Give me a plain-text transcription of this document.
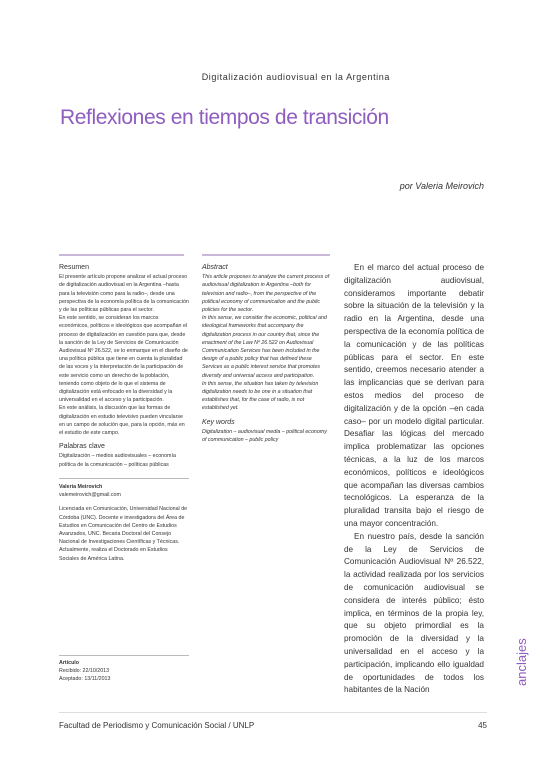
Digitalización audiovisual en la Argentina
Reflexiones en tiempos de transición
por Valeria Meirovich
Resumen

El presente artículo propone analizar el actual proceso de digitalización audiovisual en la Argentina –hasta para la televisión como para la radio–, desde una perspectiva de la economía política de la comunicación y de las políticas públicas para el sector.

En este sentido, se consideran los marcos económicos, políticos e ideológicos que acompañan el proceso de digitalización en cuestión para que, desde la sanción de la Ley de Servicios de Comunicación Audiovisual Nº 26.522, se lo enmarque en el diseño de una política pública que tiene en cuenta la pluralidad de las voces y la interpretación de la participación de este servicio como un derecho de la población, teniendo como objeto de lo que el sistema de digitalización está enfocado en la diversidad y la universalidad en el acceso y la participación.

En este análisis, la discusión que las formas de digitalización en estudio televisivo pueden vincularse en un campo de solución que, para la opción, más en el estudio de este campo.

Palabras clave

Digitalización – medios audiovisuales – economía política de la comunicación – políticas públicas

Abstract

This article proposes to analyze the current process of audiovisual digitalization in Argentina –both for television and radio–, from the perspective of the political economy of communication and the public policies for the sector.

In this sense, we consider the economic, political and ideological frameworks that accompany the digitalization process in our country that, since the enactment of the Law Nº 26.522 on Audiovisual Communication Services has been included in the design of a public policy that has defined these Services as a public interest service that promotes diversity and universal access and participation.

In this sense, the situation has taken by television digitalization needs to be one in a situation that establishes that, for the case of radio, is not established yet.

Key words

Digitalization – audiovisual media – political economy of communication – public policy

Valeria Meirovich

valemeirovich@gmail.com

Licenciada en Comunicación, Universidad Nacional de Córdoba (UNC). Docente e investigadora del Área de Estudios en Comunicación del Centro de Estudios Avanzados, UNC. Becaria Doctoral del Consejo Nacional de Investigaciones Científicas y Técnicas. Actualmente, realiza el Doctorado en Estudios Sociales de América Latina.

Artículo

Recibido: 22/10/2013

Aceptado: 13/11/2013

En el marco del actual proceso de digitalización audiovisual, consideramos importante debatir sobre la situación de la televisión y la radio en la Argentina, desde una perspectiva de la economía política de la comunicación y de las políticas públicas para el sector. En este sentido, creemos necesario atender a las implicancias que se derivan para estos medios del proceso de digitalización y de la opción –en cada caso– por un modelo digital particular. Desafiar las lógicas del mercado implica problematizar las opciones técnicas, a la luz de los marcos económicos, políticos e ideológicos que acompañan las diversas cambios tecnológicos. La esperanza de la pluralidad transita bajo el riesgo de una mayor concentración.

En nuestro país, desde la sanción de la Ley de Servicios de Comunicación Audiovisual Nº 26.522, la actividad realizada por los servicios de comunicación audiovisual se considera de interés público; ésto implica, en términos de la propia ley, que su objeto primordial es la promoción de la diversidad y la universalidad en el acceso y la participación, implicando ello igualdad de oportunidades de todos los habitantes de la Nación

anclajes
Facultad de Periodismo y Comunicación Social / UNLP	45
